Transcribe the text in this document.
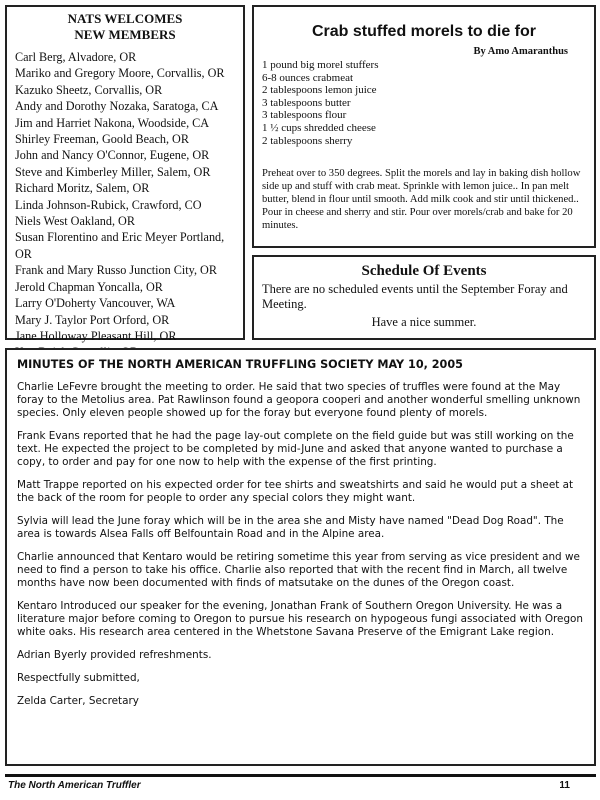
NATS WELCOMES
NEW MEMBERS
Carl Berg, Alvadore, OR
Mariko and Gregory Moore, Corvallis, OR
Kazuko Sheetz, Corvallis, OR
Andy and Dorothy Nozaka, Saratoga, CA
Jim and Harriet Nakona, Woodside, CA
Shirley Freeman, Goold Beach, OR
John and Nancy O'Connor, Eugene, OR
Steve and Kimberley Miller, Salem, OR
Richard Moritz, Salem, OR
Linda Johnson-Rubick, Crawford, CO
Niels West Oakland, OR
Susan Florentino and Eric Meyer Portland, OR
Frank and Mary Russo Junction City, OR
Jerold Chapman Yoncalla, OR
Larry O'Doherty Vancouver, WA
Mary J. Taylor Port Orford, OR
Jane Holloway Pleasant Hill, OR
Crab stuffed morels to die for
By Amo Amaranthus
1 pound big morel stuffers
6-8 ounces crabmeat
2 tablespoons lemon juice
3 tablespoons butter
3 tablespoons flour
1 ½ cups shredded cheese
2 tablespoons sherry

Preheat over to 350 degrees. Split the morels and lay in baking dish hollow side up and stuff with crab meat. Sprinkle with lemon juice.. In pan melt butter, blend in flour until smooth. Add milk cook and stir until thickened.. Pour in cheese and sherry and stir. Pour over morels/crab and bake for 20 minutes.

Schedule Of Events
There are no scheduled events until the September Foray and Meeting.
Have a nice summer.
MINUTES OF THE NORTH AMERICAN TRUFFLING SOCIETY MAY 10, 2005

Charlie LeFevre brought the meeting to order. He said that two species of truffles were found at the May foray to the Metolius area. Pat Rawlinson found a geopora cooperi and another wonderful smelling unknown species. Only eleven people showed up for the foray but everyone found plenty of morels.

Frank Evans reported that he had the page lay-out complete on the field guide but was still working on the text. He expected the project to be completed by mid-June and asked that anyone wanted to purchase a copy, to order and pay for one now to help with the expense of the first printing.

Matt Trappe reported on his expected order for tee shirts and sweatshirts and said he would put a sheet at the back of the room for people to order any special colors they might want.

Sylvia will lead the June foray which will be in the area she and Misty have named "Dead Dog Road". The area is towards Alsea Falls off Belfountain Road and in the Alpine area.

Charlie announced that Kentaro would be retiring sometime this year from serving as vice president and we need to find a person to take his office. Charlie also reported that with the recent find in March, all twelve months have now been documented with finds of matsutake on the dunes of the Oregon coast.

Kentaro Introduced our speaker for the evening, Jonathan Frank of Southern Oregon University. He was a literature major before coming to Oregon to pursue his research on hypogeous fungi associated with Oregon white oaks. His research area centered in the Whetstone Savana Preserve of the Emigrant Lake region.

Adrian Byerly provided refreshments.

Respectfully submitted,

Zelda Carter, Secretary

The North American Truffler	11
